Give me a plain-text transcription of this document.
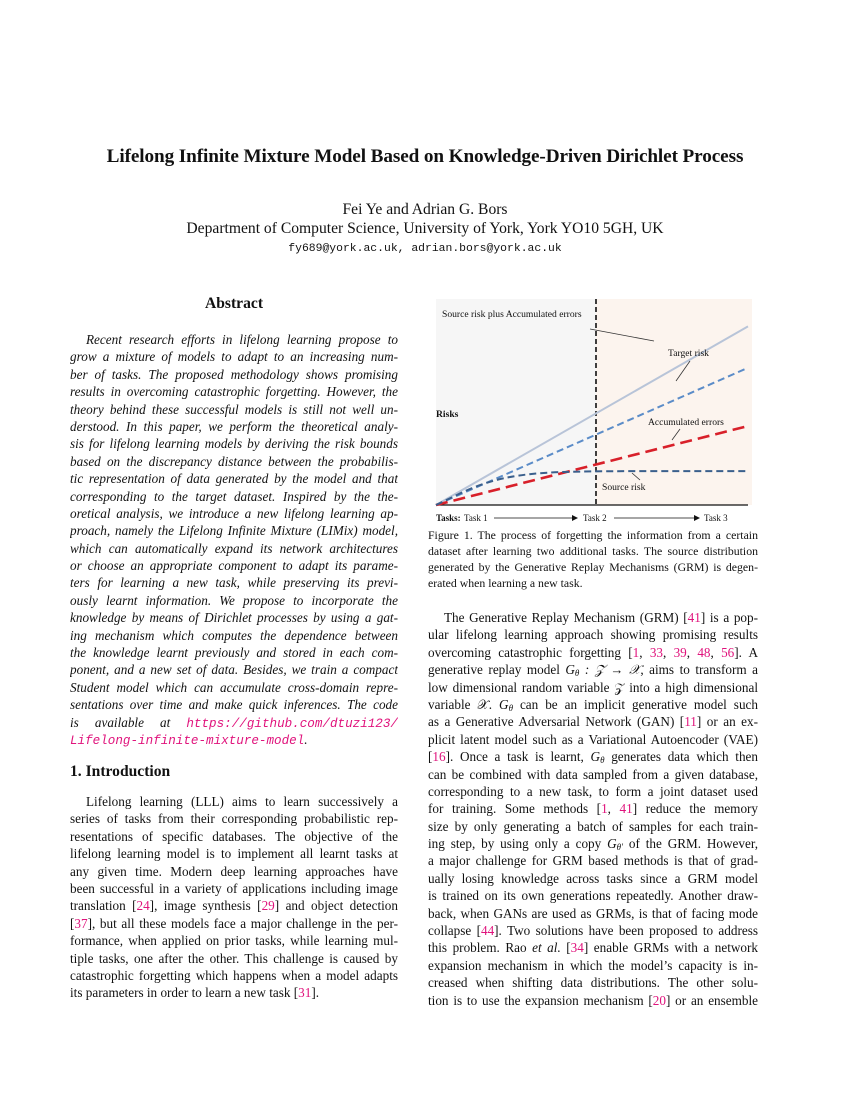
Lifelong Infinite Mixture Model Based on Knowledge-Driven Dirichlet Process
Fei Ye and Adrian G. Bors
Department of Computer Science, University of York, York YO10 5GH, UK
fy689@york.ac.uk, adrian.bors@york.ac.uk
Abstract
Recent research efforts in lifelong learning propose to
grow a mixture of models to adapt to an increasing num-
ber of tasks. The proposed methodology shows promising
results in overcoming catastrophic forgetting. However, the
theory behind these successful models is still not well un-
derstood. In this paper, we perform the theoretical analy-
sis for lifelong learning models by deriving the risk bounds
based on the discrepancy distance between the probabilis-
tic representation of data generated by the model and that
corresponding to the target dataset. Inspired by the the-
oretical analysis, we introduce a new lifelong learning ap-
proach, namely the Lifelong Infinite Mixture (LIMix) model,
which can automatically expand its network architectures
or choose an appropriate component to adapt its parame-
ters for learning a new task, while preserving its previ-
ously learnt information. We propose to incorporate the
knowledge by means of Dirichlet processes by using a gat-
ing mechanism which computes the dependence between
the knowledge learnt previously and stored in each com-
ponent, and a new set of data. Besides, we train a compact
Student model which can accumulate cross-domain repre-
sentations over time and make quick inferences. The code
is available at https://github.com/dtuzi123/
Lifelong-infinite-mixture-model.
1. Introduction
Lifelong learning (LLL) aims to learn successively a
series of tasks from their corresponding probabilistic rep-
resentations of specific databases. The objective of the
lifelong learning model is to implement all learnt tasks at
any given time. Modern deep learning approaches have
been successful in a variety of applications including image
translation [24], image synthesis [29] and object detection
[37], but all these models face a major challenge in the per-
formance, when applied on prior tasks, while learning mul-
tiple tasks, one after the other. This challenge is caused by
catastrophic forgetting which happens when a model adapts
its parameters in order to learn a new task [31].
Source risk plus Accumulated errors
Target risk
Accumulated errors
Source risk
Risks
Tasks: Task 1	Task 2	Task 3
Figure 1. The process of forgetting the information from a certain
dataset after learning two additional tasks. The source distribution
generated by the Generative Replay Mechanisms (GRM) is degen-
erated when learning a new task.
The Generative Replay Mechanism (GRM) [41] is a pop-
ular lifelong learning approach showing promising results
overcoming catastrophic forgetting [1, 33, 39, 48, 56]. A
generative replay model $G_\theta$ : 𝒵 → 𝒳, aims to transform a
low dimensional random variable 𝒵 into a high dimensional
variable 𝒳. $G_\theta$ can be an implicit generative model such
as a Generative Adversarial Network (GAN) [11] or an ex-
plicit latent model such as a Variational Autoencoder (VAE)
[16]. Once a task is learnt, $G_\theta$ generates data which then
can be combined with data sampled from a given database,
corresponding to a new task, to form a joint dataset used
for training. Some methods [1, 41] reduce the memory
size by only generating a batch of samples for each train-
ing step, by using only a copy $G_{\theta'}$ of the GRM. However,
a major challenge for GRM based methods is that of grad-
ually losing knowledge across tasks since a GRM model
is trained on its own generations repeatedly. Another draw-
back, when GANs are used as GRMs, is that of facing mode
collapse [44]. Two solutions have been proposed to address
this problem. Rao et al. [34] enable GRMs with a network
expansion mechanism in which the model’s capacity is in-
creased when shifting data distributions. The other solu-
tion is to use the expansion mechanism [20] or an ensemble
